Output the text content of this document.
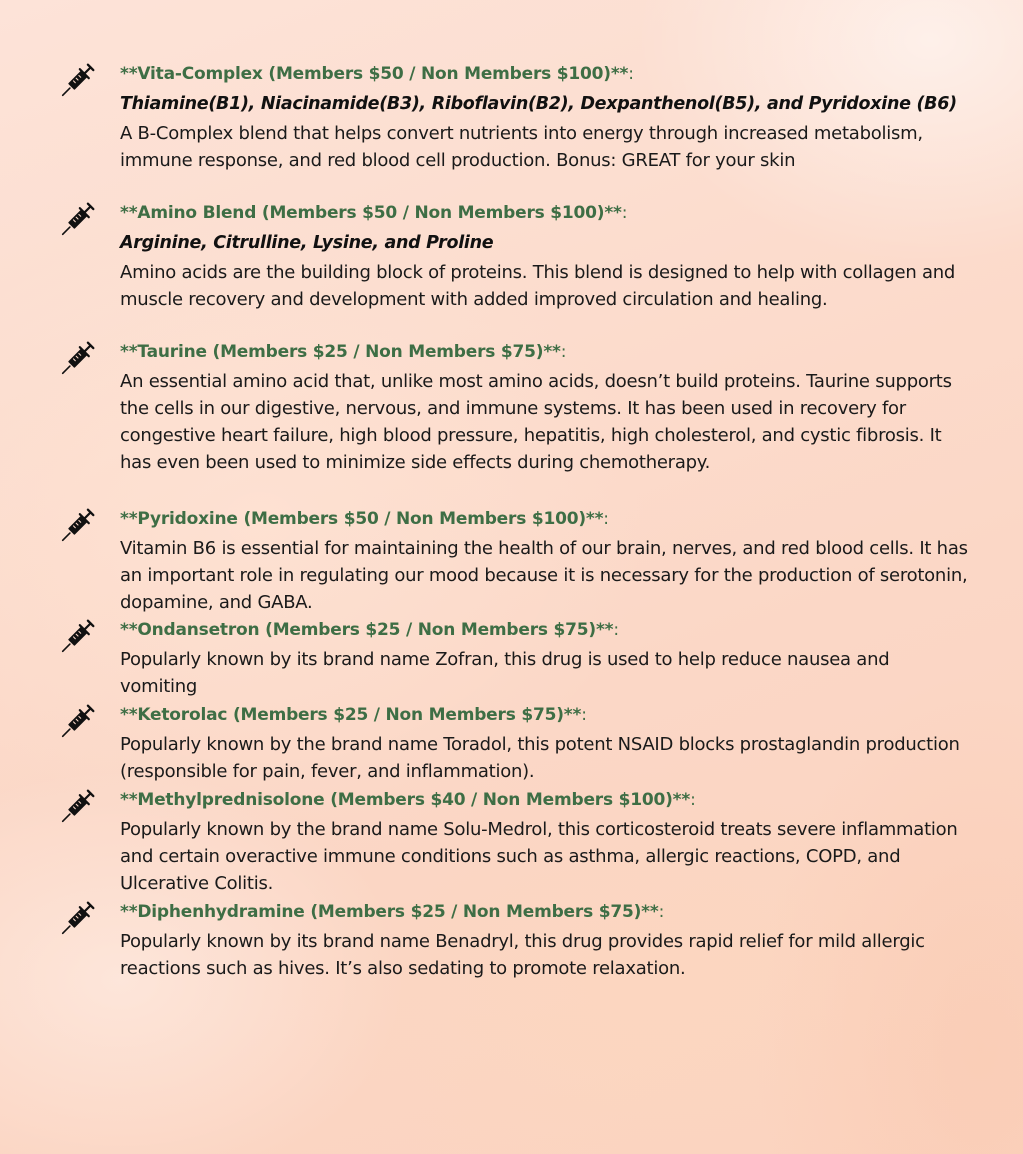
**Vita-Complex (Members $50 / Non Members $100)**:
Thiamine(B1), Niacinamide(B3), Riboflavin(B2), Dexpanthenol(B5), and Pyridoxine (B6)
A B-Complex blend that helps convert nutrients into energy through increased metabolism, immune response, and red blood cell production. Bonus: GREAT for your skin
**Amino Blend (Members $50 / Non Members $100)**:
Arginine, Citrulline, Lysine, and Proline
Amino acids are the building block of proteins. This blend is designed to help with collagen and muscle recovery and development with added improved circulation and healing.
**Taurine (Members $25 / Non Members $75)**:
An essential amino acid that, unlike most amino acids, doesn’t build proteins. Taurine supports the cells in our digestive, nervous, and immune systems. It has been used in recovery for congestive heart failure, high blood pressure, hepatitis, high cholesterol, and cystic fibrosis. It has even been used to minimize side effects during chemotherapy.
**Pyridoxine (Members $50 / Non Members $100)**:
Vitamin B6 is essential for maintaining the health of our brain, nerves, and red blood cells. It has an important role in regulating our mood because it is necessary for the production of serotonin, dopamine, and GABA.
**Ondansetron (Members $25 / Non Members $75)**:
Popularly known by its brand name Zofran, this drug is used to help reduce nausea and vomiting
**Ketorolac (Members $25 / Non Members $75)**:
Popularly known by the brand name Toradol, this potent NSAID blocks prostaglandin production (responsible for pain, fever, and inflammation).
**Methylprednisolone (Members $40 / Non Members $100)**:
Popularly known by the brand name Solu-Medrol, this corticosteroid treats severe inflammation and certain overactive immune conditions such as asthma, allergic reactions, COPD, and Ulcerative Colitis.
**Diphenhydramine (Members $25 / Non Members $75)**:
Popularly known by its brand name Benadryl, this drug provides rapid relief for mild allergic reactions such as hives. It’s also sedating to promote relaxation.
